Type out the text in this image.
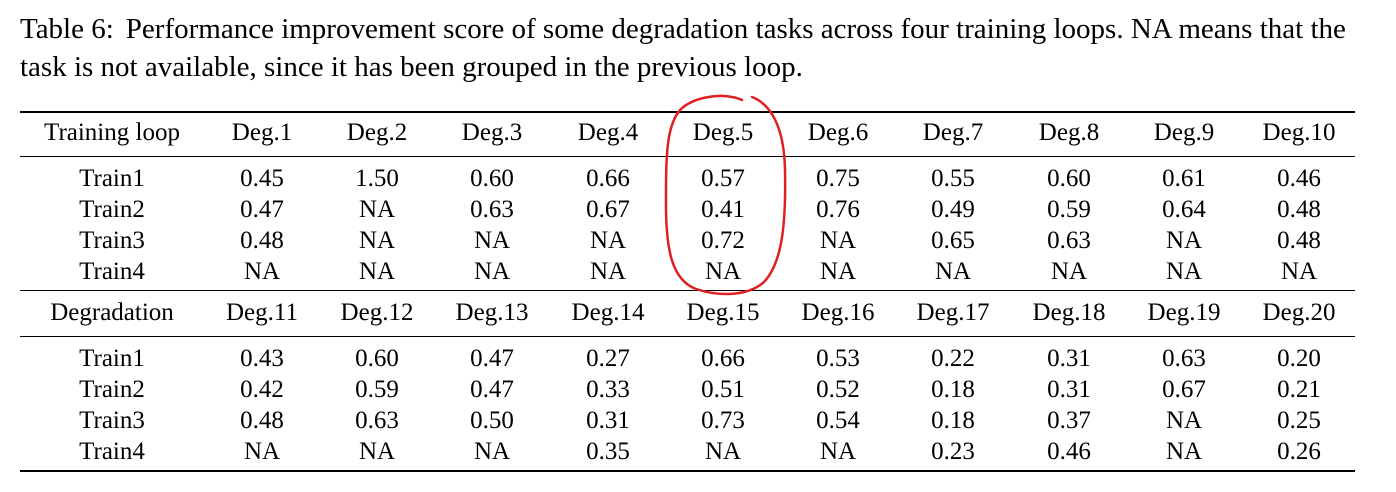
Table 6: Performance improvement score of some degradation tasks across four training loops. NA means that the task is not available, since it has been grouped in the previous loop.
Training loop	Deg.1	Deg.2	Deg.3	Deg.4	Deg.5	Deg.6	Deg.7	Deg.8	Deg.9	Deg.10
Train1	0.45	1.50	0.60	0.66	0.57	0.75	0.55	0.60	0.61	0.46
Train2	0.47	NA	0.63	0.67	0.41	0.76	0.49	0.59	0.64	0.48
Train3	0.48	NA	NA	NA	0.72	NA	0.65	0.63	NA	0.48
Train4	NA	NA	NA	NA	NA	NA	NA	NA	NA	NA
Degradation	Deg.11	Deg.12	Deg.13	Deg.14	Deg.15	Deg.16	Deg.17	Deg.18	Deg.19	Deg.20
Train1	0.43	0.60	0.47	0.27	0.66	0.53	0.22	0.31	0.63	0.20
Train2	0.42	0.59	0.47	0.33	0.51	0.52	0.18	0.31	0.67	0.21
Train3	0.48	0.63	0.50	0.31	0.73	0.54	0.18	0.37	NA	0.25
Train4	NA	NA	NA	0.35	NA	NA	0.23	0.46	NA	0.26
